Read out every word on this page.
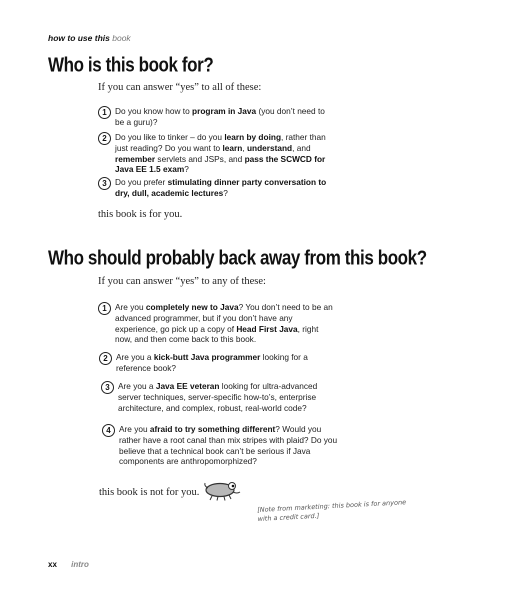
how to use this book
Who is this book for?
If you can answer “yes” to all of these:
1 Do you know how to program in Java (you don’t need to be a guru)?
2 Do you like to tinker – do you learn by doing, rather than just reading? Do you want to learn, understand, and remember servlets and JSPs, and pass the SCWCD for Java EE 1.5 exam?
3 Do you prefer stimulating dinner party conversation to dry, dull, academic lectures?
this book is for you.
Who should probably back away from this book?
If you can answer “yes” to any of these:
1 Are you completely new to Java? You don’t need to be an advanced programmer, but if you don’t have any experience, go pick up a copy of Head First Java, right now, and then come back to this book.
2 Are you a kick-butt Java programmer looking for a reference book?
3 Are you a Java EE veteran looking for ultra-advanced server techniques, server-specific how-to’s, enterprise architecture, and complex, robust, real-world code?
4 Are you afraid to try something different? Would you rather have a root canal than mix stripes with plaid? Do you believe that a technical book can’t be serious if Java components are anthropomorphized?
this book is not for you.
[Note from marketing: this book is for anyone with a credit card.]
xx intro
